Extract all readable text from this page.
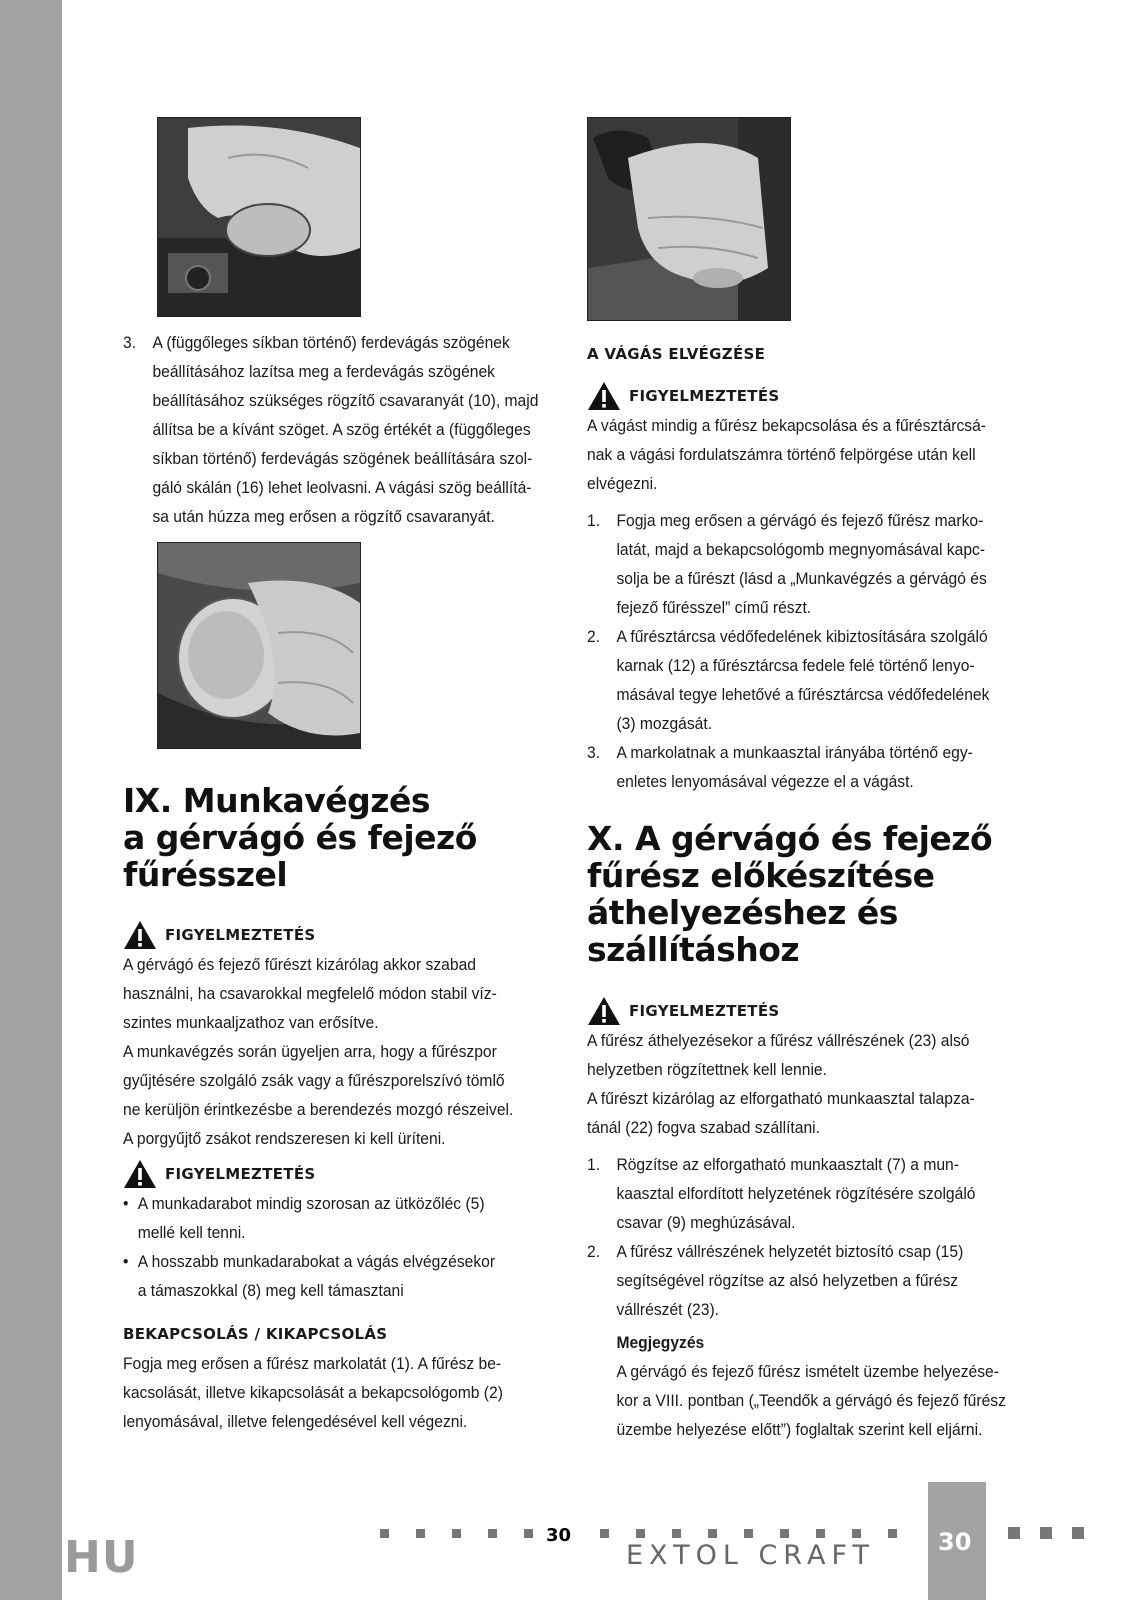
HU
3. A (függőleges síkban történő) ferdevágás szögének
beállításához lazítsa meg a ferdevágás szögének
beállításához szükséges rögzítő csavaranyát (10), majd
állítsa be a kívánt szöget. A szög értékét a (függőleges
síkban történő) ferdevágás szögének beállítására szol-
gáló skálán (16) lehet leolvasni. A vágási szög beállítá-
sa után húzza meg erősen a rögzítő csavaranyát.
IX. Munkavégzés
a gérvágó és fejező
fűrésszel
FIGYELMEZTETÉS
A gérvágó és fejező fűrészt kizárólag akkor szabad
használni, ha csavarokkal megfelelő módon stabil víz-
szintes munkaaljzathoz van erősítve.
A munkavégzés során ügyeljen arra, hogy a fűrészpor
gyűjtésére szolgáló zsák vagy a fűrészporelszívó tömlő
ne kerüljön érintkezésbe a berendezés mozgó részeivel.
A porgyűjtő zsákot rendszeresen ki kell üríteni.
FIGYELMEZTETÉS
• A munkadarabot mindig szorosan az ütközőléc (5)
mellé kell tenni.
• A hosszabb munkadarabokat a vágás elvégzésekor
a támaszokkal (8) meg kell támasztani
BEKAPCSOLÁS / KIKAPCSOLÁS
Fogja meg erősen a fűrész markolatát (1). A fűrész be-
kacsolását, illetve kikapcsolását a bekapcsológomb (2)
lenyomásával, illetve felengedésével kell végezni.
A VÁGÁS ELVÉGZÉSE
FIGYELMEZTETÉS
A vágást mindig a fűrész bekapcsolása és a fűrésztárcsá-
nak a vágási fordulatszámra történő felpörgése után kell
elvégezni.
1. Fogja meg erősen a gérvágó és fejező fűrész marko-
latát, majd a bekapcsológomb megnyomásával kapc-
solja be a fűrészt (lásd a „Munkavégzés a gérvágó és
fejező fűrésszel” című részt.
2. A fűrésztárcsa védőfedelének kibiztosítására szolgáló
karnak (12) a fűrésztárcsa fedele felé történő lenyo-
másával tegye lehetővé a fűrésztárcsa védőfedelének
(3) mozgását.
3. A markolatnak a munkaasztal irányába történő egy-
enletes lenyomásával végezze el a vágást.
X. A gérvágó és fejező
fűrész előkészítése
áthelyezéshez és
szállításhoz
FIGYELMEZTETÉS
A fűrész áthelyezésekor a fűrész vállrészének (23) alsó
helyzetben rögzítettnek kell lennie.
A fűrészt kizárólag az elforgatható munkaasztal talapza-
tánál (22) fogva szabad szállítani.
1. Rögzítse az elforgatható munkaasztalt (7) a mun-
kaasztal elfordított helyzetének rögzítésére szolgáló
csavar (9) meghúzásával.
2. A fűrész vállrészének helyzetét biztosító csap (15)
segítségével rögzítse az alsó helyzetben a fűrész
vállrészét (23).
Megjegyzés
A gérvágó és fejező fűrész ismételt üzembe helyezése-
kor a VIII. pontban („Teendők a gérvágó és fejező fűrész
üzembe helyezése előtt”) foglaltak szerint kell eljárni.
30
EXTOL CRAFT	30
